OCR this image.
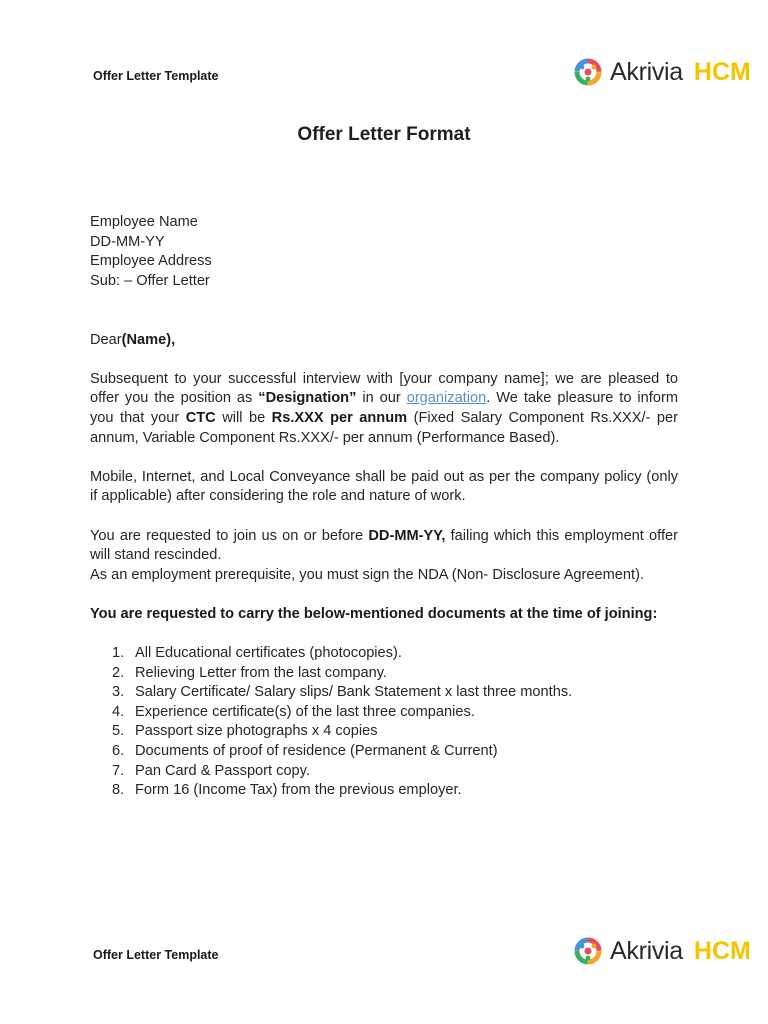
Offer Letter Template	Akrivia HCM
Offer Letter Format

Employee Name

DD-MM-YY

Employee Address

Sub: – Offer Letter

Dear(Name),

Subsequent to your successful interview with [your company name]; we are pleased to offer you the position as “Designation” in our organization. We take pleasure to inform you that your CTC will be Rs.XXX per annum (Fixed Salary Component Rs.XXX/- per annum, Variable Component Rs.XXX/- per annum (Performance Based).

Mobile, Internet, and Local Conveyance shall be paid out as per the company policy (only if applicable) after considering the role and nature of work.

You are requested to join us on or before DD-MM-YY, failing which this employment offer will stand rescinded.

As an employment prerequisite, you must sign the NDA (Non- Disclosure Agreement).

You are requested to carry the below-mentioned documents at the time of joining:

1. All Educational certificates (photocopies).
2. Relieving Letter from the last company.
3. Salary Certificate/ Salary slips/ Bank Statement x last three months.
4. Experience certificate(s) of the last three companies.
5. Passport size photographs x 4 copies
6. Documents of proof of residence (Permanent & Current)
7. Pan Card & Passport copy.
8. Form 16 (Income Tax) from the previous employer.
Offer Letter Template	Akrivia HCM
